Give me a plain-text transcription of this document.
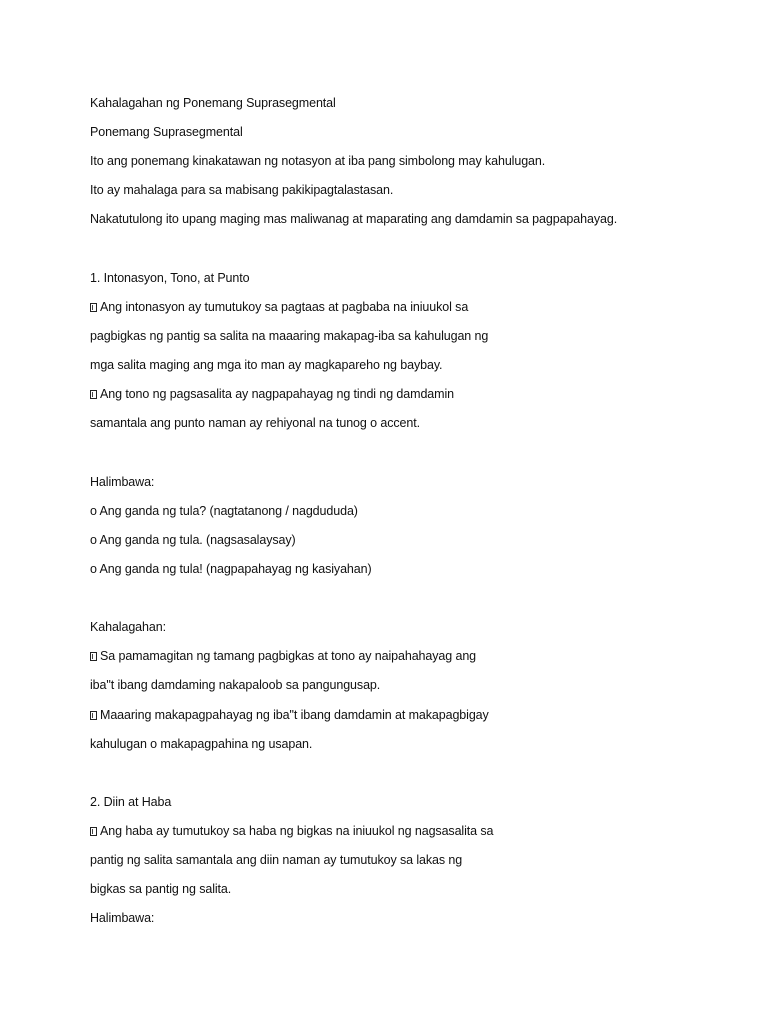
Kahalagahan ng Ponemang Suprasegmental
Ponemang Suprasegmental
Ito ang ponemang kinakatawan ng notasyon at iba pang simbolong may kahulugan.
Ito ay mahalaga para sa mabisang pakikipagtalastasan.
Nakatutulong ito upang maging mas maliwanag at maparating ang damdamin sa pagpapahayag.
1. Intonasyon, Tono, at Punto
Ang intonasyon ay tumutukoy sa pagtaas at pagbaba na iniuukol sa
pagbigkas ng pantig sa salita na maaaring makapag-iba sa kahulugan ng
mga salita maging ang mga ito man ay magkapareho ng baybay.
Ang tono ng pagsasalita ay nagpapahayag ng tindi ng damdamin
samantala ang punto naman ay rehiyonal na tunog o accent.
Halimbawa:
o Ang ganda ng tula? (nagtatanong / nagdududa)
o Ang ganda ng tula. (nagsasalaysay)
o Ang ganda ng tula! (nagpapahayag ng kasiyahan)
Kahalagahan:
Sa pamamagitan ng tamang pagbigkas at tono ay naipahahayag ang
iba"t ibang damdaming nakapaloob sa pangungusap.
Maaaring makapagpahayag ng iba"t ibang damdamin at makapagbigay
kahulugan o makapagpahina ng usapan.
2. Diin at Haba
Ang haba ay tumutukoy sa haba ng bigkas na iniuukol ng nagsasalita sa
pantig ng salita samantala ang diin naman ay tumutukoy sa lakas ng
bigkas sa pantig ng salita.
Halimbawa:
